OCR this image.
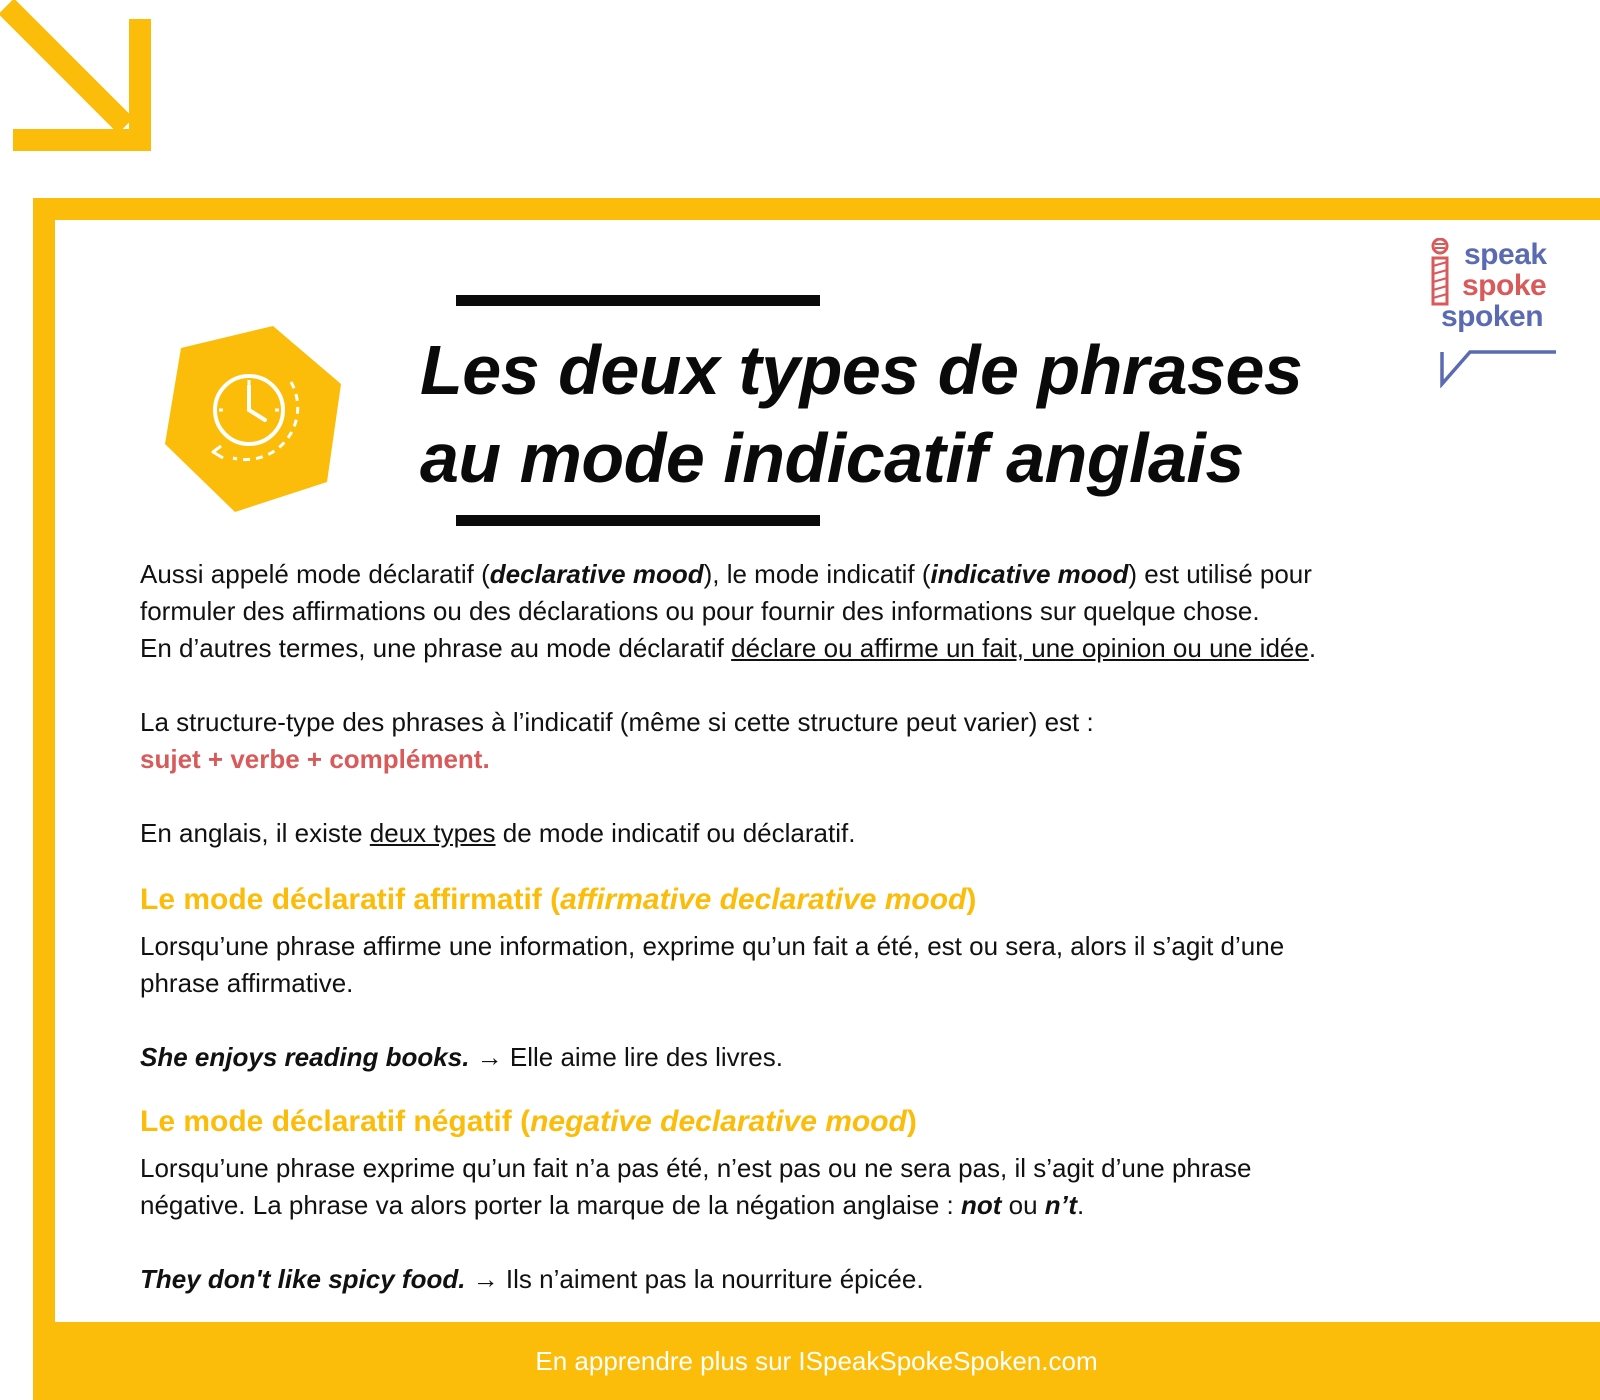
speak
spoke
spoken
Les deux types de phrases
au mode indicatif anglais

Aussi appelé mode déclaratif (declarative mood), le mode indicatif (indicative mood) est utilisé pour
formuler des affirmations ou des déclarations ou pour fournir des informations sur quelque chose.
En d’autres termes, une phrase au mode déclaratif déclare ou affirme un fait, une opinion ou une idée.

La structure-type des phrases à l’indicatif (même si cette structure peut varier) est :
sujet + verbe + complément.

En anglais, il existe deux types de mode indicatif ou déclaratif.

Le mode déclaratif affirmatif (affirmative declarative mood)

Lorsqu’une phrase affirme une information, exprime qu’un fait a été, est ou sera, alors il s’agit d’une
phrase affirmative.

She enjoys reading books. → Elle aime lire des livres.

Le mode déclaratif négatif (negative declarative mood)

Lorsqu’une phrase exprime qu’un fait n’a pas été, n’est pas ou ne sera pas, il s’agit d’une phrase
négative. La phrase va alors porter la marque de la négation anglaise : not ou n’t.

They don't like spicy food. → Ils n’aiment pas la nourriture épicée.

En apprendre plus sur ISpeakSpokeSpoken.com
